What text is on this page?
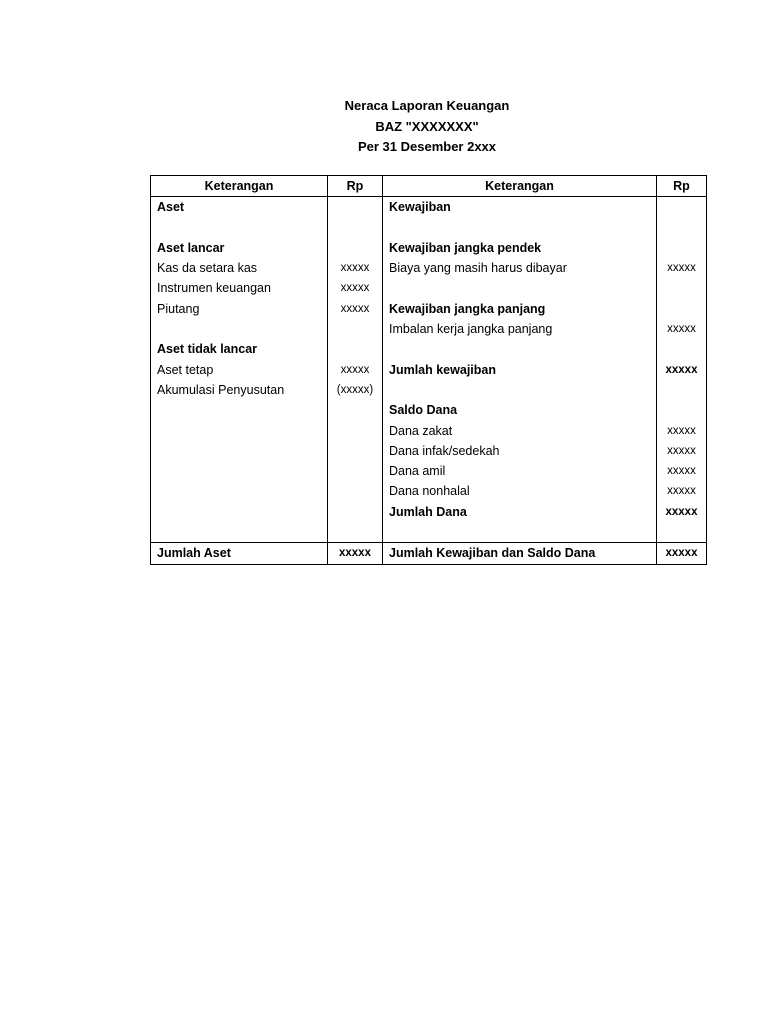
Neraca Laporan Keuangan
BAZ "XXXXXXX"
Per 31 Desember 2xxx
Keterangan	Rp	Keterangan	Rp
Aset		Kewajiban	

Aset lancar		Kewajiban jangka pendek	
Kas da setara kas	xxxxx	Biaya yang masih harus dibayar	xxxxx
Instrumen keuangan	xxxxx		
Piutang	xxxxx	Kewajiban jangka panjang	
		Imbalan kerja jangka panjang	xxxxx
Aset tidak lancar			
Aset tetap	xxxxx	Jumlah kewajiban	xxxxx
Akumulasi Penyusutan	(xxxxx)		
		Saldo Dana	
		Dana zakat	xxxxx
		Dana infak/sedekah	xxxxx
		Dana amil	xxxxx
		Dana nonhalal	xxxxx
		Jumlah Dana	xxxxx

Jumlah Aset	xxxxx	Jumlah Kewajiban dan Saldo Dana	xxxxx
